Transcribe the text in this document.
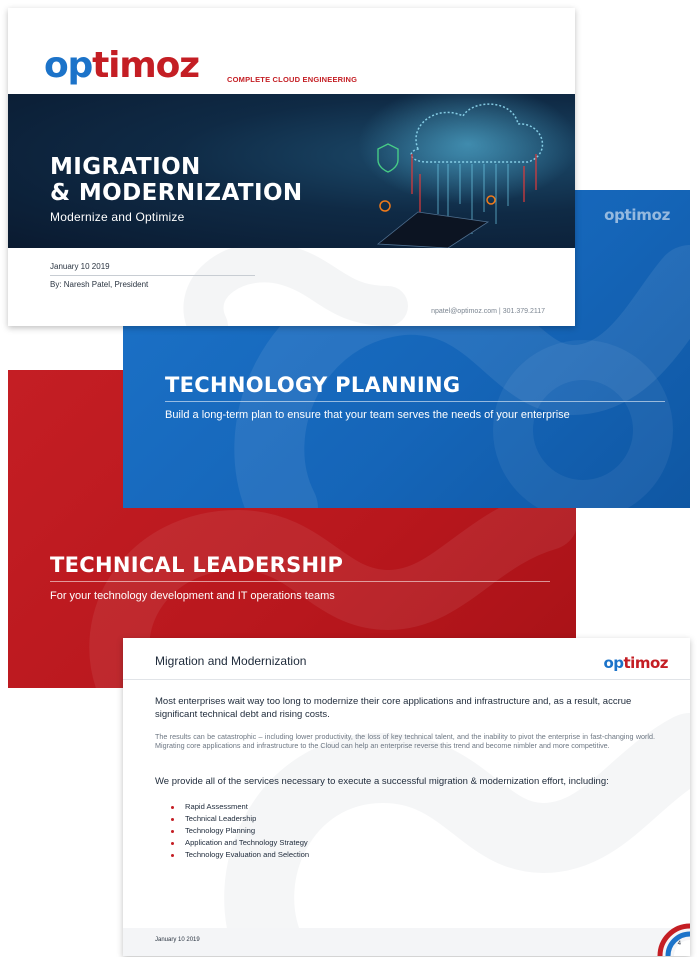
TECHNICAL LEADERSHIP
For your technology development and IT operations teams
optimoz
TECHNOLOGY PLANNING
Build a long-term plan to ensure that your team serves the needs of your enterprise
optimoz	COMPLETE CLOUD ENGINEERING
MIGRATION
& MODERNIZATION
Modernize and Optimize
January 10 2019
By: Naresh Patel, President
npatel@optimoz.com | 301.379.2117
Migration and Modernization	optimoz
Most enterprises wait way too long to modernize their core applications and infrastructure and, as a result, accrue significant technical debt and rising costs.
The results can be catastrophic – including lower productivity, the loss of key technical talent, and the inability to pivot the enterprise in fast-changing world. Migrating core applications and infrastructure to the Cloud can help an enterprise reverse this trend and become nimbler and more competitive.
We provide all of the services necessary to execute a successful migration & modernization effort, including:
Rapid Assessment
Technical Leadership
Technology Planning
Application and Technology Strategy
Technology Evaluation and Selection
January 10 2019
4
